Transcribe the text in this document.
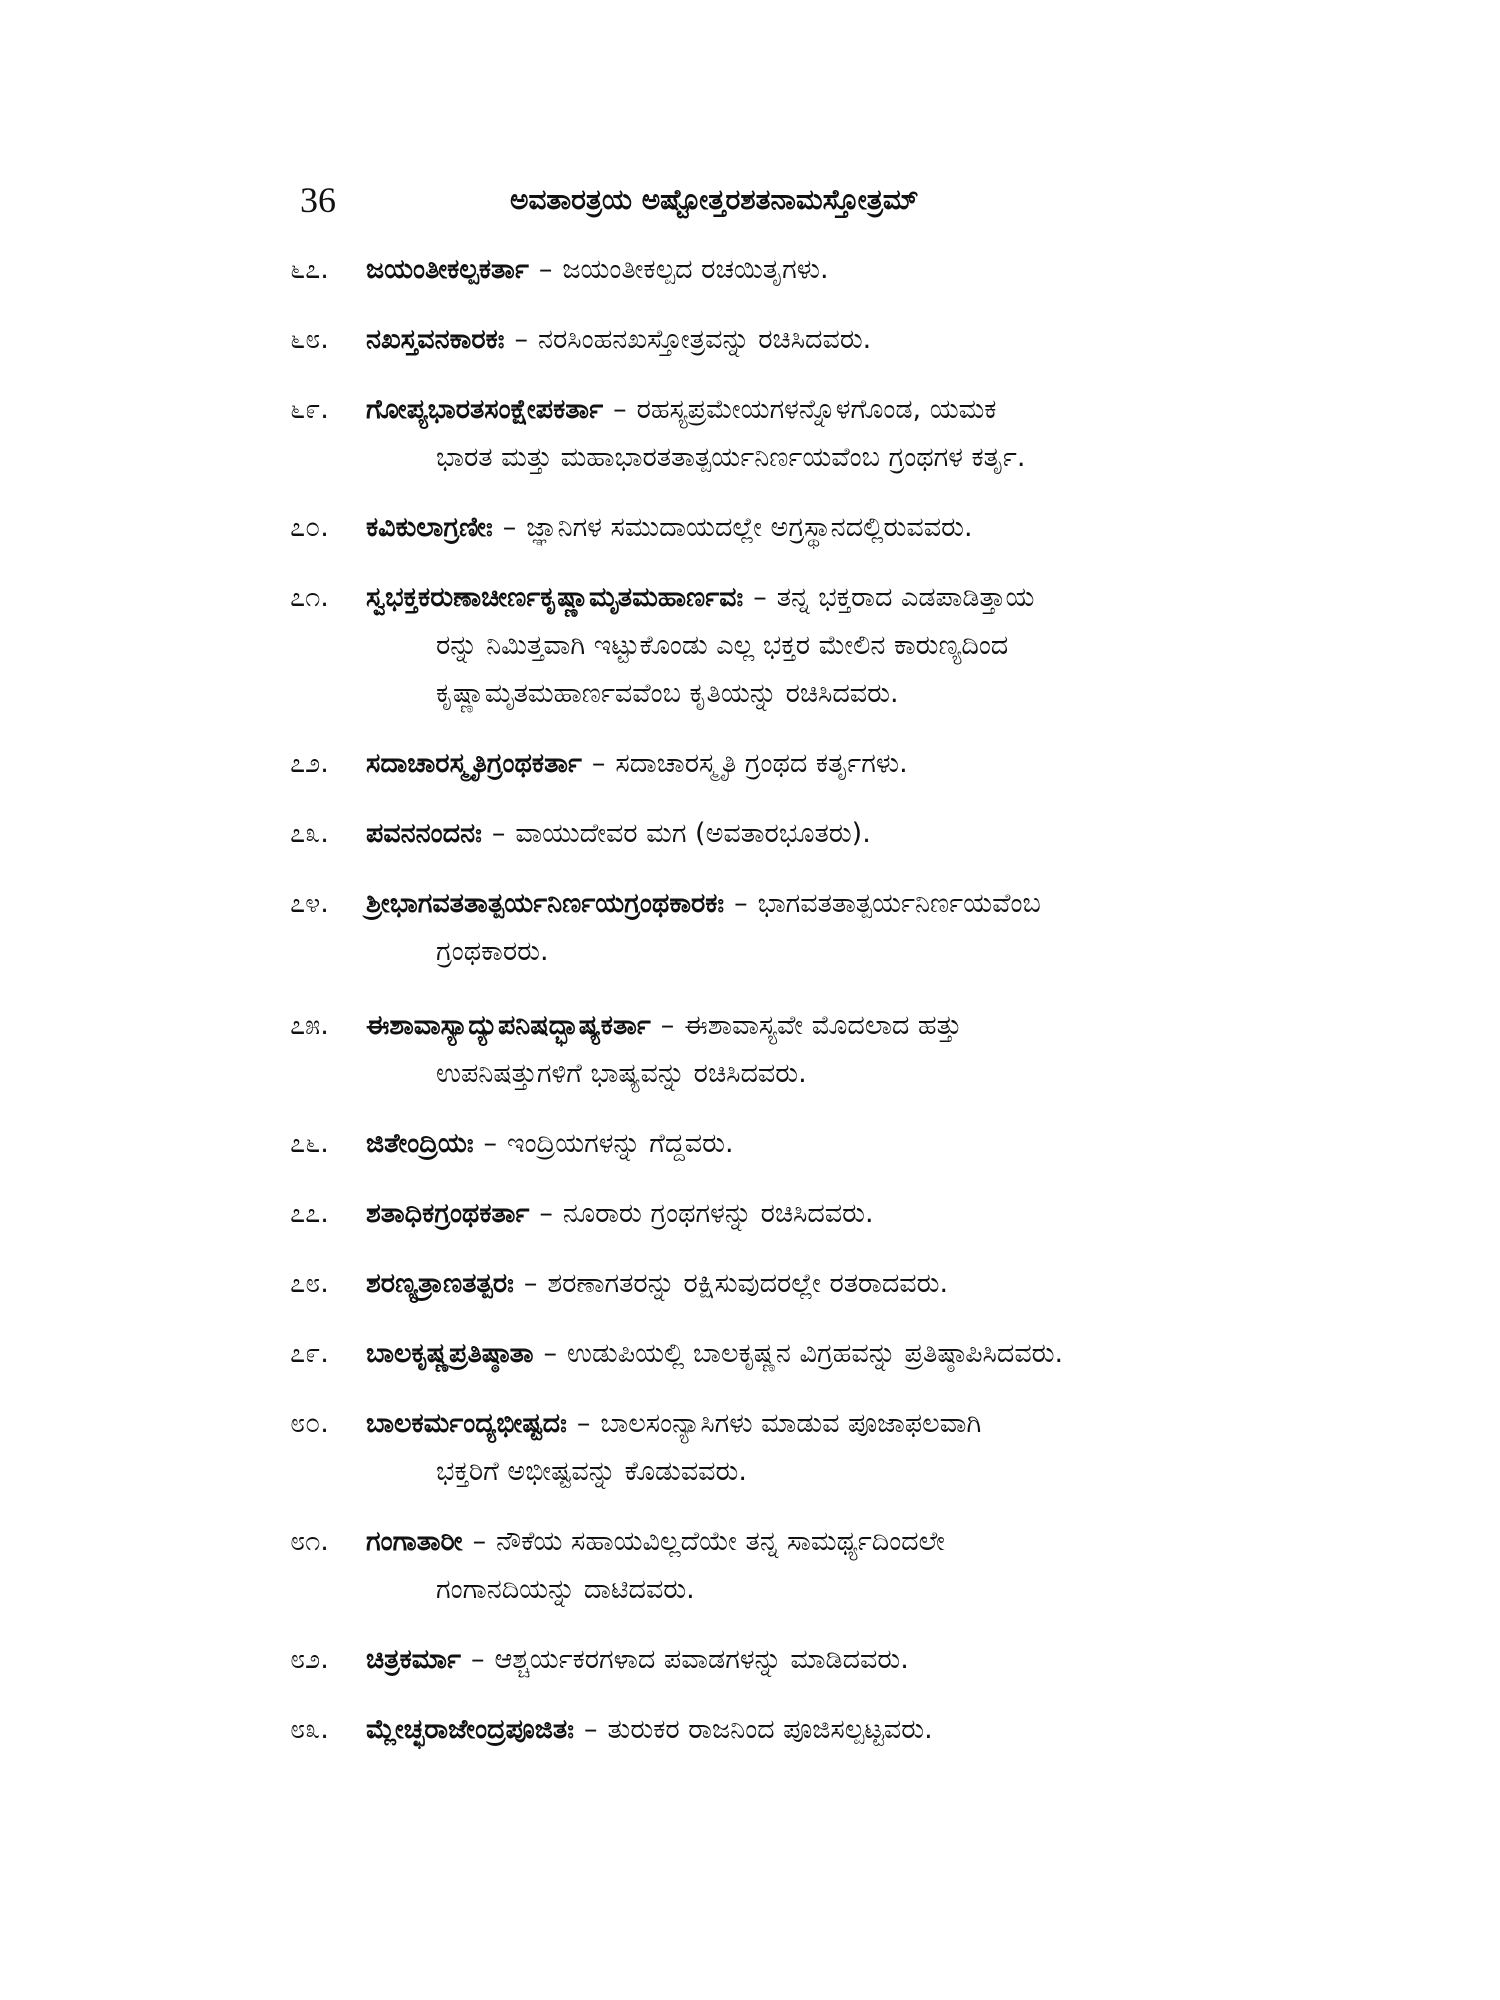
36	ಅವತಾರತ್ರಯ ಅಷ್ಟೋತ್ತರಶತನಾಮಸ್ತೋತ್ರಮ್
೬೭.	ಜಯಂತೀಕಲ್ಪಕರ್ತಾ – ಜಯಂತೀಕಲ್ಪದ ರಚಯಿತೃಗಳು.
೬೮.	ನಖಸ್ತವನಕಾರಕಃ – ನರಸಿಂಹನಖಸ್ತೋತ್ರವನ್ನು ರಚಿಸಿದವರು.
೬೯.	ಗೋಪ್ಯಭಾರತಸಂಕ್ಷೇಪಕರ್ತಾ – ರಹಸ್ಯಪ್ರಮೇಯಗಳನ್ನೊಳಗೊಂಡ, ಯಮಕ
ಭಾರತ ಮತ್ತು ಮಹಾಭಾರತತಾತ್ಪರ್ಯನಿರ್ಣಯವೆಂಬ ಗ್ರಂಥಗಳ ಕರ್ತೃ.
೭೦.	ಕವಿಕುಲಾಗ್ರಣೀಃ – ಜ್ಞಾನಿಗಳ ಸಮುದಾಯದಲ್ಲೇ ಅಗ್ರಸ್ಥಾನದಲ್ಲಿರುವವರು.
೭೧.	ಸ್ವಭಕ್ತಕರುಣಾಚೀರ್ಣಕೃಷ್ಣಾಮೃತಮಹಾರ್ಣವಃ – ತನ್ನ ಭಕ್ತರಾದ ಎಡಪಾಡಿತ್ತಾಯ
ರನ್ನು ನಿಮಿತ್ತವಾಗಿ ಇಟ್ಟುಕೊಂಡು ಎಲ್ಲ ಭಕ್ತರ ಮೇಲಿನ ಕಾರುಣ್ಯದಿಂದ
ಕೃಷ್ಣಾಮೃತಮಹಾರ್ಣವವೆಂಬ ಕೃತಿಯನ್ನು ರಚಿಸಿದವರು.
೭೨.	ಸದಾಚಾರಸ್ಮೃತಿಗ್ರಂಥಕರ್ತಾ – ಸದಾಚಾರಸ್ಮೃತಿ ಗ್ರಂಥದ ಕರ್ತೃಗಳು.
೭೩.	ಪವನನಂದನಃ – ವಾಯುದೇವರ ಮಗ (ಅವತಾರಭೂತರು).
೭೪.	ಶ್ರೀಭಾಗವತತಾತ್ಪರ್ಯನಿರ್ಣಯಗ್ರಂಥಕಾರಕಃ – ಭಾಗವತತಾತ್ಪರ್ಯನಿರ್ಣಯವೆಂಬ
ಗ್ರಂಥಕಾರರು.
೭೫.	ಈಶಾವಾಸ್ಯಾದ್ಯುಪನಿಷದ್ಭಾಷ್ಯಕರ್ತಾ – ಈಶಾವಾಸ್ಯವೇ ಮೊದಲಾದ ಹತ್ತು
ಉಪನಿಷತ್ತುಗಳಿಗೆ ಭಾಷ್ಯವನ್ನು ರಚಿಸಿದವರು.
೭೬.	ಜಿತೇಂದ್ರಿಯಃ – ಇಂದ್ರಿಯಗಳನ್ನು ಗೆದ್ದವರು.
೭೭.	ಶತಾಧಿಕಗ್ರಂಥಕರ್ತಾ – ನೂರಾರು ಗ್ರಂಥಗಳನ್ನು ರಚಿಸಿದವರು.
೭೮.	ಶರಣ್ಯತ್ರಾಣತತ್ಪರಃ – ಶರಣಾಗತರನ್ನು ರಕ್ಷಿಸುವುದರಲ್ಲೇ ರತರಾದವರು.
೭೯.	ಬಾಲಕೃಷ್ಣಪ್ರತಿಷ್ಠಾತಾ – ಉಡುಪಿಯಲ್ಲಿ ಬಾಲಕೃಷ್ಣನ ವಿಗ್ರಹವನ್ನು ಪ್ರತಿಷ್ಠಾಪಿಸಿದವರು.
೮೦.	ಬಾಲಕರ್ಮಂದ್ಯಭೀಷ್ಟದಃ – ಬಾಲಸಂನ್ಯಾಸಿಗಳು ಮಾಡುವ ಪೂಜಾಫಲವಾಗಿ
ಭಕ್ತರಿಗೆ ಅಭೀಷ್ಟವನ್ನು ಕೊಡುವವರು.
೮೧.	ಗಂಗಾತಾರೀ – ನೌಕೆಯ ಸಹಾಯವಿಲ್ಲದೆಯೇ ತನ್ನ ಸಾಮರ್ಥ್ಯದಿಂದಲೇ
ಗಂಗಾನದಿಯನ್ನು ದಾಟಿದವರು.
೮೨.	ಚಿತ್ರಕರ್ಮಾ – ಆಶ್ಚರ್ಯಕರಗಳಾದ ಪವಾಡಗಳನ್ನು ಮಾಡಿದವರು.
೮೩.	ಮ್ಲೇಚ್ಛರಾಜೇಂದ್ರಪೂಜಿತಃ – ತುರುಕರ ರಾಜನಿಂದ ಪೂಜಿಸಲ್ಪಟ್ಟವರು.
